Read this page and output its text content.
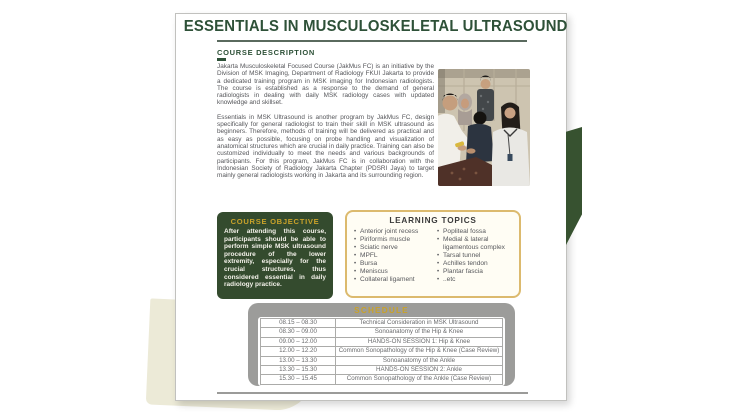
ESSENTIALS IN MUSCULOSKELETAL ULTRASOUND
COURSE DESCRIPTION

Jakarta Musculoskeletal Focused Course (JakMus FC) is an initiative by the Division of MSK Imaging, Department of Radiology FKUI Jakarta to provide a dedicated training program in MSK imaging for Indonesian radiologists. The course is established as a response to the demand of general radiologists in dealing with daily MSK radiology cases with updated knowledge and skillset.

Essentials in MSK Ultrasound is another program by JakMus FC, design specifically for general radiologist to train their skill in MSK ultrasound as beginners. Therefore, methods of training will be delivered as practical and as easy as possible, focusing on probe handling and visualization of anatomical structures which are crucial in daily practice. Training can also be customized individually to meet the needs and various backgrounds of participants. For this program, JakMus FC is in collaboration with the Indonesian Society of Radiology Jakarta Chapter (PDSRI Jaya) to target mainly general radiologists working in Jakarta and its surrounding region.

COURSE OBJECTIVE

After attending this course, participants should be able to perform simple MSK ultrasound procedure of the lower extremity, especially for the crucial structures, thus considered essential in daily radiology practice.

LEARNING TOPICS
• Anterior joint recess
• Piriformis muscle
• Sciatic nerve
• MPFL
• Bursa
• Meniscus
• Collateral ligament
• Popliteal fossa
• Medial & lateral ligamentous complex
• Tarsal tunnel
• Achilles tendon
• Plantar fascia
• ..etc
SCHEDULE
08.15 – 08.30	Technical Consideration in MSK Ultrasound
08.30 – 09.00	Sonoanatomy of the Hip & Knee
09.00 – 12.00	HANDS-ON SESSION 1: Hip & Knee
12.00 – 12.20	Common Sonopathology of the Hip & Knee (Case Review)
13.00 – 13.30	Sonoanatomy of the Ankle
13.30 – 15.30	HANDS-ON SESSION 2: Ankle
15.30 – 15.45	Common Sonopathology of the Ankle (Case Review)
